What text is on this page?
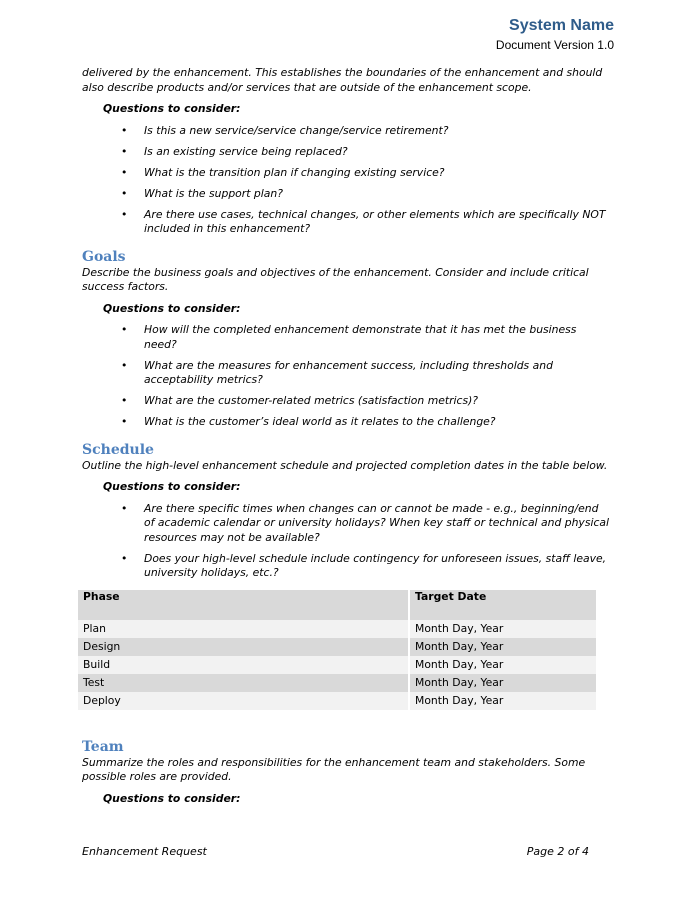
System Name
Document Version 1.0

delivered by the enhancement. This establishes the boundaries of the enhancement and should also describe products and/or services that are outside of the enhancement scope.

Questions to consider:

• Is this a new service/service change/service retirement?
• Is an existing service being replaced?
• What is the transition plan if changing existing service?
• What is the support plan?
• Are there use cases, technical changes, or other elements which are specifically NOT included in this enhancement?
Goals

Describe the business goals and objectives of the enhancement. Consider and include critical success factors.

Questions to consider:

• How will the completed enhancement demonstrate that it has met the business need?
• What are the measures for enhancement success, including thresholds and acceptability metrics?
• What are the customer-related metrics (satisfaction metrics)?
• What is the customer’s ideal world as it relates to the challenge?
Schedule

Outline the high-level enhancement schedule and projected completion dates in the table below.

Questions to consider:

• Are there specific times when changes can or cannot be made - e.g., beginning/end of academic calendar or university holidays? When key staff or technical and physical resources may not be available?
• Does your high-level schedule include contingency for unforeseen issues, staff leave, university holidays, etc.?
Phase	Target Date
Plan	Month Day, Year
Design	Month Day, Year
Build	Month Day, Year
Test	Month Day, Year
Deploy	Month Day, Year
Team

Summarize the roles and responsibilities for the enhancement team and stakeholders. Some possible roles are provided.

Questions to consider:

Enhancement Request	Page 2 of 4
